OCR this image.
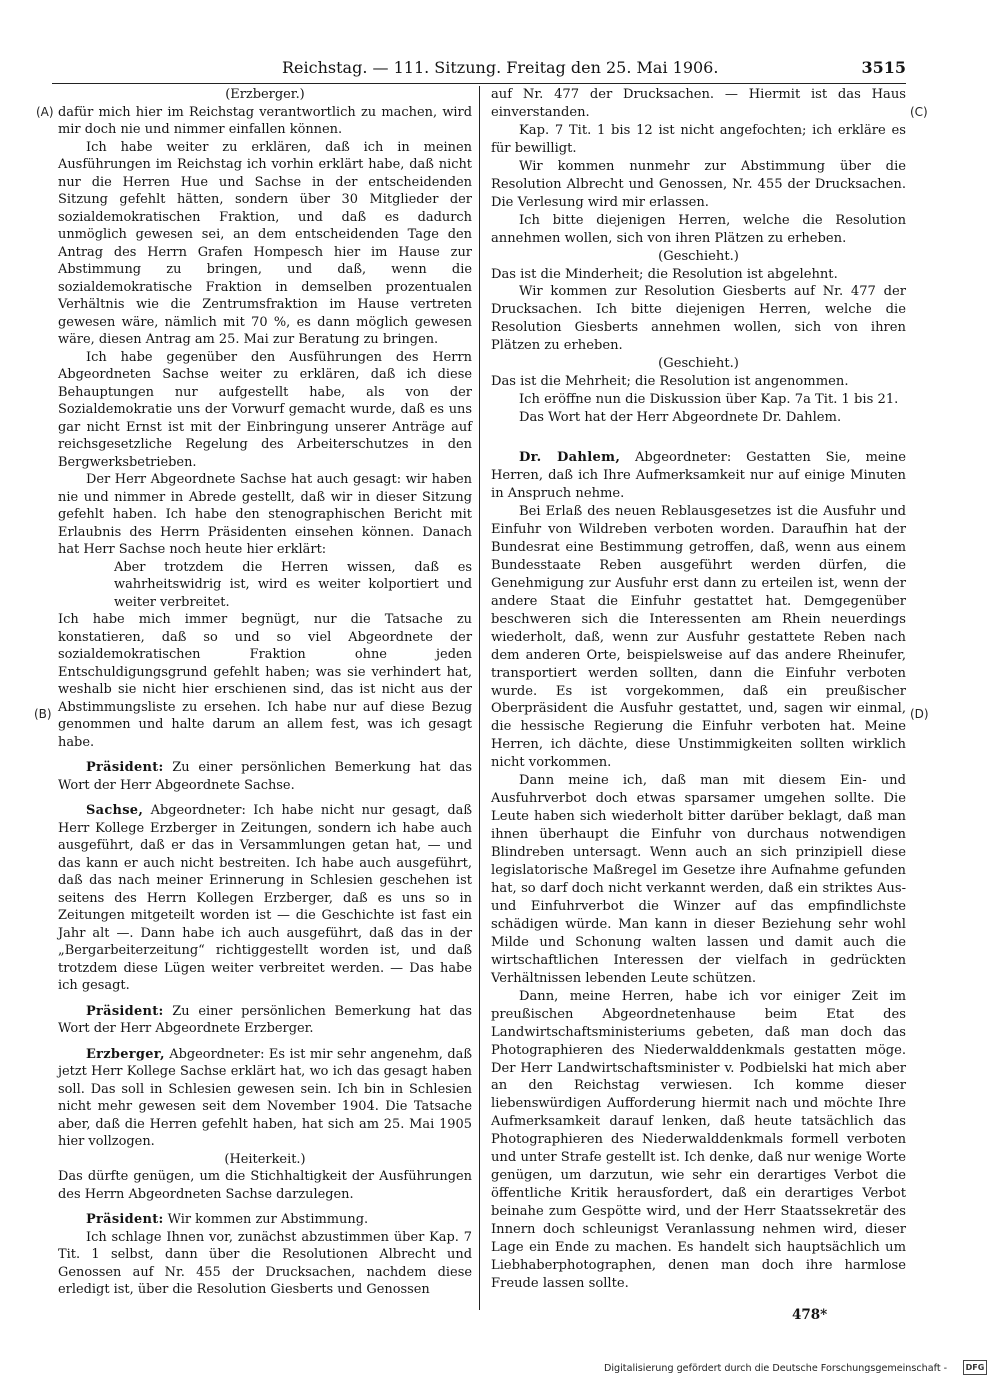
Reichstag. — 111. Sitzung. Freitag den 25. Mai 1906.	3515

(Erzberger.)

dafür mich hier im Reichstag verantwortlich zu machen, wird mir doch nie und nimmer einfallen können.

Ich habe weiter zu erklären, daß ich in meinen Ausführungen im Reichstag ich vorhin erklärt habe, daß nicht nur die Herren Hue und Sachse in der entscheidenden Sitzung gefehlt hätten, sondern über 30 Mitglieder der sozialdemokratischen Fraktion, und daß es dadurch unmöglich gewesen sei, an dem entscheidenden Tage den Antrag des Herrn Grafen Hompesch hier im Hause zur Abstimmung zu bringen, und daß, wenn die sozialdemokratische Fraktion in demselben prozentualen Verhältnis wie die Zentrumsfraktion im Hause vertreten gewesen wäre, nämlich mit 70 %, es dann möglich gewesen wäre, diesen Antrag am 25. Mai zur Beratung zu bringen.

Ich habe gegenüber den Ausführungen des Herrn Abgeordneten Sachse weiter zu erklären, daß ich diese Behauptungen nur aufgestellt habe, als von der Sozialdemokratie uns der Vorwurf gemacht wurde, daß es uns gar nicht Ernst ist mit der Einbringung unserer Anträge auf reichsgesetzliche Regelung des Arbeiterschutzes in den Bergwerksbetrieben.

Der Herr Abgeordnete Sachse hat auch gesagt: wir haben nie und nimmer in Abrede gestellt, daß wir in dieser Sitzung gefehlt haben. Ich habe den stenographischen Bericht mit Erlaubnis des Herrn Präsidenten einsehen können. Danach hat Herr Sachse noch heute hier erklärt:

Aber trotzdem die Herren wissen, daß es wahrheitswidrig ist, wird es weiter kolportiert und weiter verbreitet.

Ich habe mich immer begnügt, nur die Tatsache zu konstatieren, daß so und so viel Abgeordnete der sozialdemokratischen Fraktion ohne jeden Entschuldigungsgrund gefehlt haben; was sie verhindert hat, weshalb sie nicht hier erschienen sind, das ist nicht aus der Abstimmungsliste zu ersehen. Ich habe nur auf diese Bezug genommen und halte darum an allem fest, was ich gesagt habe.

Präsident: Zu einer persönlichen Bemerkung hat das Wort der Herr Abgeordnete Sachse.

Sachse, Abgeordneter: Ich habe nicht nur gesagt, daß Herr Kollege Erzberger in Zeitungen, sondern ich habe auch ausgeführt, daß er das in Versammlungen getan hat, — und das kann er auch nicht bestreiten. Ich habe auch ausgeführt, daß das nach meiner Erinnerung in Schlesien geschehen ist seitens des Herrn Kollegen Erzberger, daß es uns so in Zeitungen mitgeteilt worden ist — die Geschichte ist fast ein Jahr alt —. Dann habe ich auch ausgeführt, daß das in der „Bergarbeiterzeitung“ richtiggestellt worden ist, und daß trotzdem diese Lügen weiter verbreitet werden. — Das habe ich gesagt.

Präsident: Zu einer persönlichen Bemerkung hat das Wort der Herr Abgeordnete Erzberger.

Erzberger, Abgeordneter: Es ist mir sehr angenehm, daß jetzt Herr Kollege Sachse erklärt hat, wo ich das gesagt haben soll. Das soll in Schlesien gewesen sein. Ich bin in Schlesien nicht mehr gewesen seit dem November 1904. Die Tatsache aber, daß die Herren gefehlt haben, hat sich am 25. Mai 1905 hier vollzogen.

(Heiterkeit.)

Das dürfte genügen, um die Stichhaltigkeit der Ausführungen des Herrn Abgeordneten Sachse darzulegen.

Präsident: Wir kommen zur Abstimmung.

Ich schlage Ihnen vor, zunächst abzustimmen über Kap. 7 Tit. 1 selbst, dann über die Resolutionen Albrecht und Genossen auf Nr. 455 der Drucksachen, nachdem diese erledigt ist, über die Resolution Giesberts und Genossen

auf Nr. 477 der Drucksachen. — Hiermit ist das Haus einverstanden.

Kap. 7 Tit. 1 bis 12 ist nicht angefochten; ich erkläre es für bewilligt.

Wir kommen nunmehr zur Abstimmung über die Resolution Albrecht und Genossen, Nr. 455 der Drucksachen. Die Verlesung wird mir erlassen.

Ich bitte diejenigen Herren, welche die Resolution annehmen wollen, sich von ihren Plätzen zu erheben.

(Geschieht.)

Das ist die Minderheit; die Resolution ist abgelehnt.

Wir kommen zur Resolution Giesberts auf Nr. 477 der Drucksachen. Ich bitte diejenigen Herren, welche die Resolution Giesberts annehmen wollen, sich von ihren Plätzen zu erheben.

(Geschieht.)

Das ist die Mehrheit; die Resolution ist angenommen.

Ich eröffne nun die Diskussion über Kap. 7a Tit. 1 bis 21.

Das Wort hat der Herr Abgeordnete Dr. Dahlem.

Dr. Dahlem, Abgeordneter: Gestatten Sie, meine Herren, daß ich Ihre Aufmerksamkeit nur auf einige Minuten in Anspruch nehme.

Bei Erlaß des neuen Reblausgesetzes ist die Ausfuhr und Einfuhr von Wildreben verboten worden. Daraufhin hat der Bundesrat eine Bestimmung getroffen, daß, wenn aus einem Bundesstaate Reben ausgeführt werden dürfen, die Genehmigung zur Ausfuhr erst dann zu erteilen ist, wenn der andere Staat die Einfuhr gestattet hat. Demgegenüber beschweren sich die Interessenten am Rhein neuerdings wiederholt, daß, wenn zur Ausfuhr gestattete Reben nach dem anderen Orte, beispielsweise auf das andere Rheinufer, transportiert werden sollten, dann die Einfuhr verboten wurde. Es ist vorgekommen, daß ein preußischer Oberpräsident die Ausfuhr gestattet, und, sagen wir einmal, die hessische Regierung die Einfuhr verboten hat. Meine Herren, ich dächte, diese Unstimmigkeiten sollten wirklich nicht vorkommen.

Dann meine ich, daß man mit diesem Ein- und Ausfuhrverbot doch etwas sparsamer umgehen sollte. Die Leute haben sich wiederholt bitter darüber beklagt, daß man ihnen überhaupt die Einfuhr von durchaus notwendigen Blindreben untersagt. Wenn auch an sich prinzipiell diese legislatorische Maßregel im Gesetze ihre Aufnahme gefunden hat, so darf doch nicht verkannt werden, daß ein striktes Aus- und Einfuhrverbot die Winzer auf das empfindlichste schädigen würde. Man kann in dieser Beziehung sehr wohl Milde und Schonung walten lassen und damit auch die wirtschaftlichen Interessen der vielfach in gedrückten Verhältnissen lebenden Leute schützen.

Dann, meine Herren, habe ich vor einiger Zeit im preußischen Abgeordnetenhause beim Etat des Landwirtschaftsministeriums gebeten, daß man doch das Photographieren des Niederwalddenkmals gestatten möge. Der Herr Landwirtschaftsminister v. Podbielski hat mich aber an den Reichstag verwiesen. Ich komme dieser liebenswürdigen Aufforderung hiermit nach und möchte Ihre Aufmerksamkeit darauf lenken, daß heute tatsächlich das Photographieren des Niederwalddenkmals formell verboten und unter Strafe gestellt ist. Ich denke, daß nur wenige Worte genügen, um darzutun, wie sehr ein derartiges Verbot die öffentliche Kritik herausfordert, daß ein derartiges Verbot beinahe zum Gespötte wird, und der Herr Staatssekretär des Innern doch schleunigst Veranlassung nehmen wird, dieser Lage ein Ende zu machen. Es handelt sich hauptsächlich um Liebhaberphotographen, denen man doch ihre harmlose Freude lassen sollte.

(A)
(B)
(C)
(D)
478*
Digitalisierung gefördert durch die Deutsche Forschungsgemeinschaft -	DFG
